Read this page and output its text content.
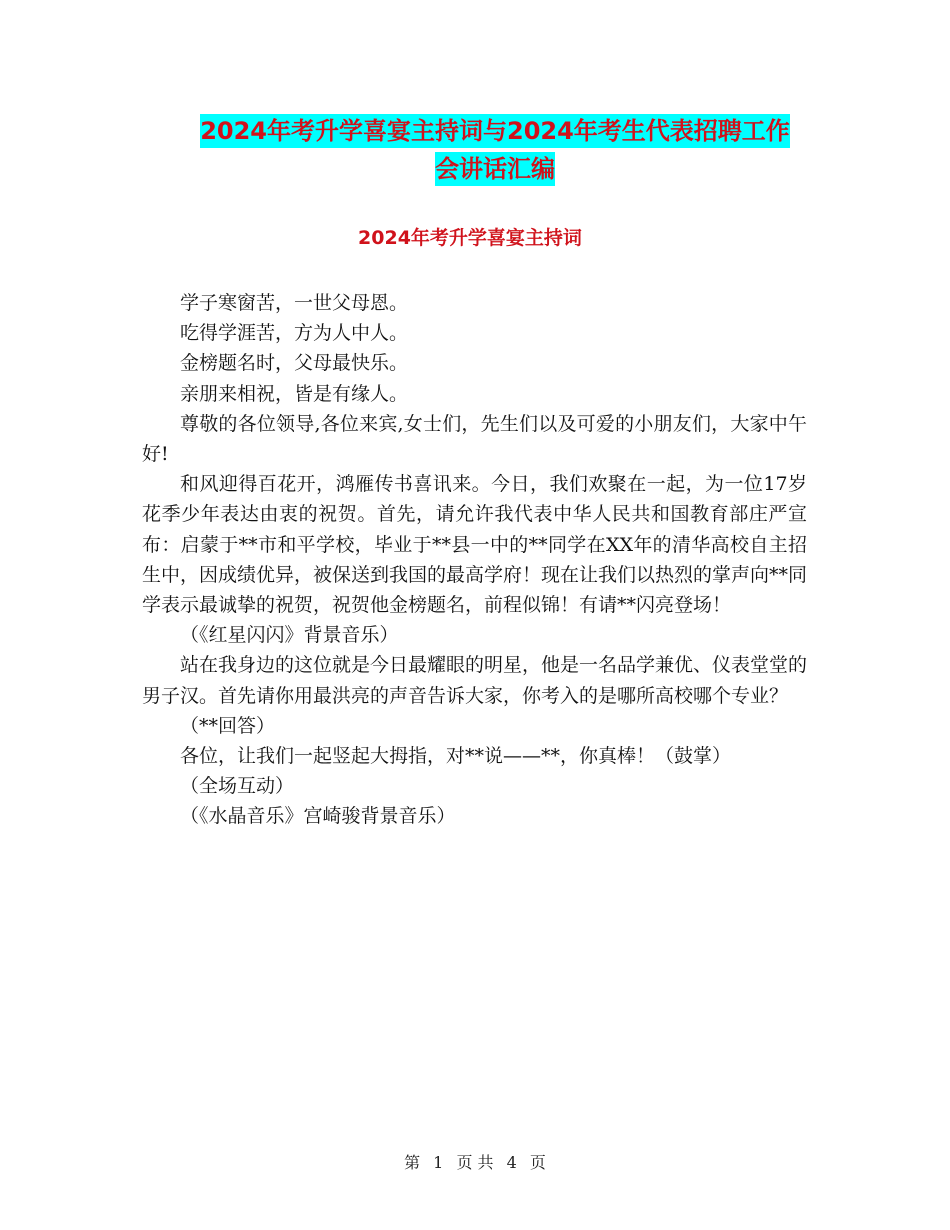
2024年考升学喜宴主持词与2024年考生代表招聘工作
会讲话汇编
2024年考升学喜宴主持词

学子寒窗苦，一世父母恩。

吃得学涯苦，方为人中人。

金榜题名时，父母最快乐。

亲朋来相祝，皆是有缘人。

尊敬的各位领导,各位来宾,女士们，先生们以及可爱的小朋友们，大家中午好!

和风迎得百花开，鸿雁传书喜讯来。今日，我们欢聚在一起，为一位17岁花季少年表达由衷的祝贺。首先，请允许我代表中华人民共和国教育部庄严宣布：启蒙于**市和平学校，毕业于**县一中的**同学在XX年的清华高校自主招生中，因成绩优异，被保送到我国的最高学府！现在让我们以热烈的掌声向**同学表示最诚挚的祝贺，祝贺他金榜题名，前程似锦！有请**闪亮登场！

（《红星闪闪》背景音乐）

站在我身边的这位就是今日最耀眼的明星，他是一名品学兼优、仪表堂堂的男子汉。首先请你用最洪亮的声音告诉大家，你考入的是哪所高校哪个专业？

（**回答）

各位，让我们一起竖起大拇指，对**说——**，你真棒！（鼓掌）

（全场互动）

（《水晶音乐》宫崎骏背景音乐）

第 1 页 共 4 页
